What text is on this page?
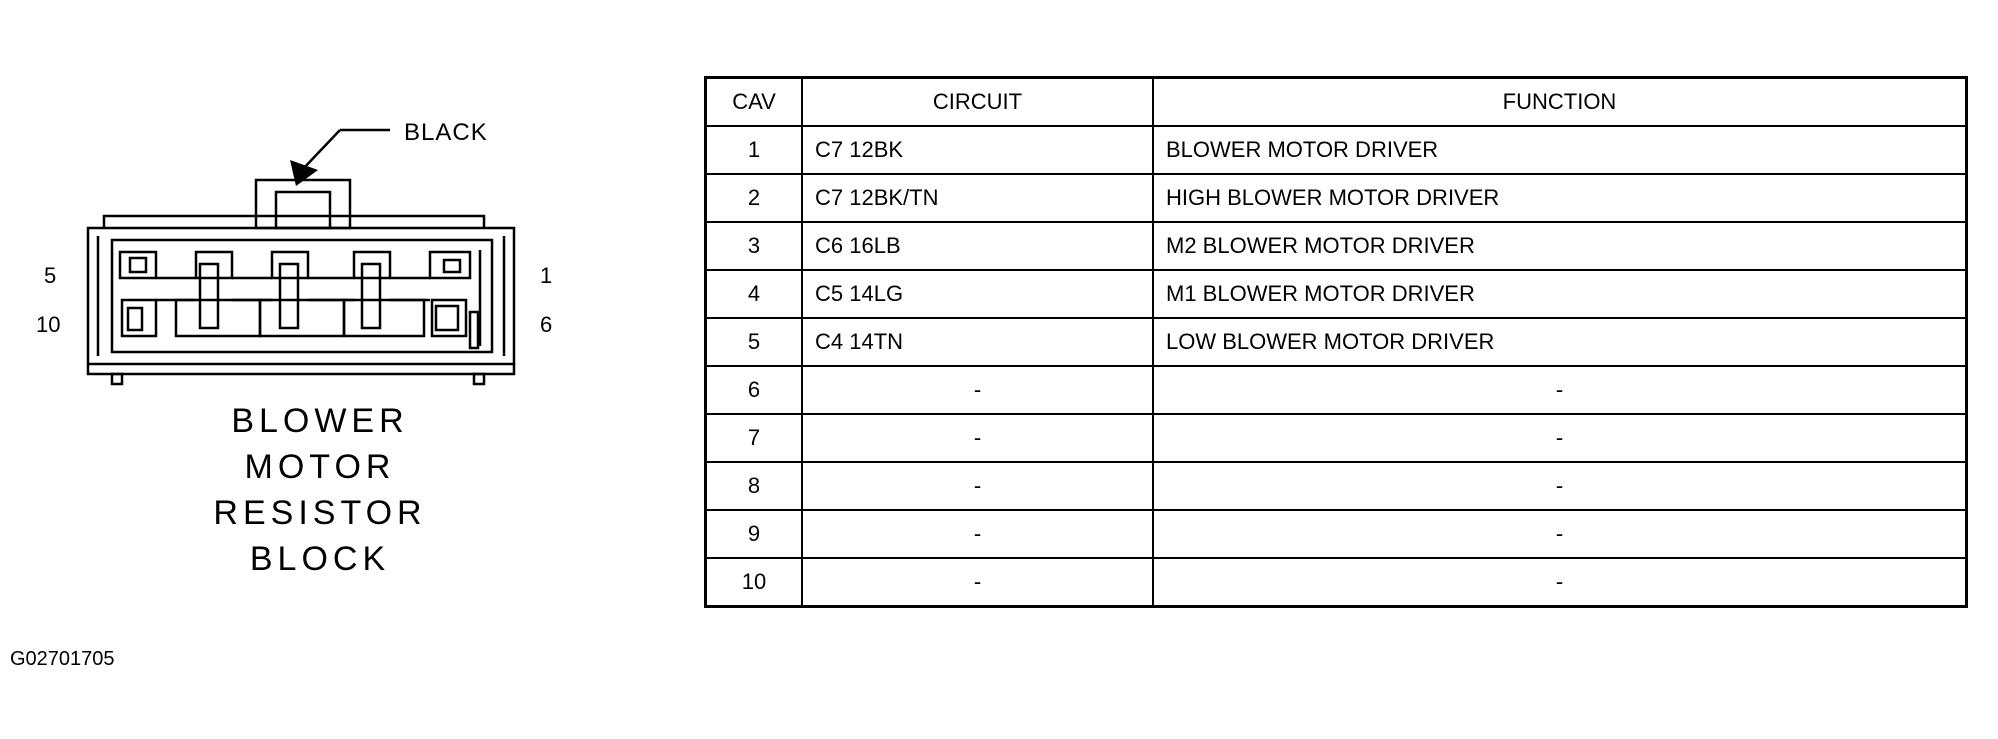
BLACK
5
10
1
6
BLOWER
MOTOR
RESISTOR
BLOCK
G02701705
CAV	CIRCUIT	FUNCTION
1	C7 12BK	BLOWER MOTOR DRIVER
2	C7 12BK/TN	HIGH BLOWER MOTOR DRIVER
3	C6 16LB	M2 BLOWER MOTOR DRIVER
4	C5 14LG	M1 BLOWER MOTOR DRIVER
5	C4 14TN	LOW BLOWER MOTOR DRIVER
6	-	-
7	-	-
8	-	-
9	-	-
10	-	-
